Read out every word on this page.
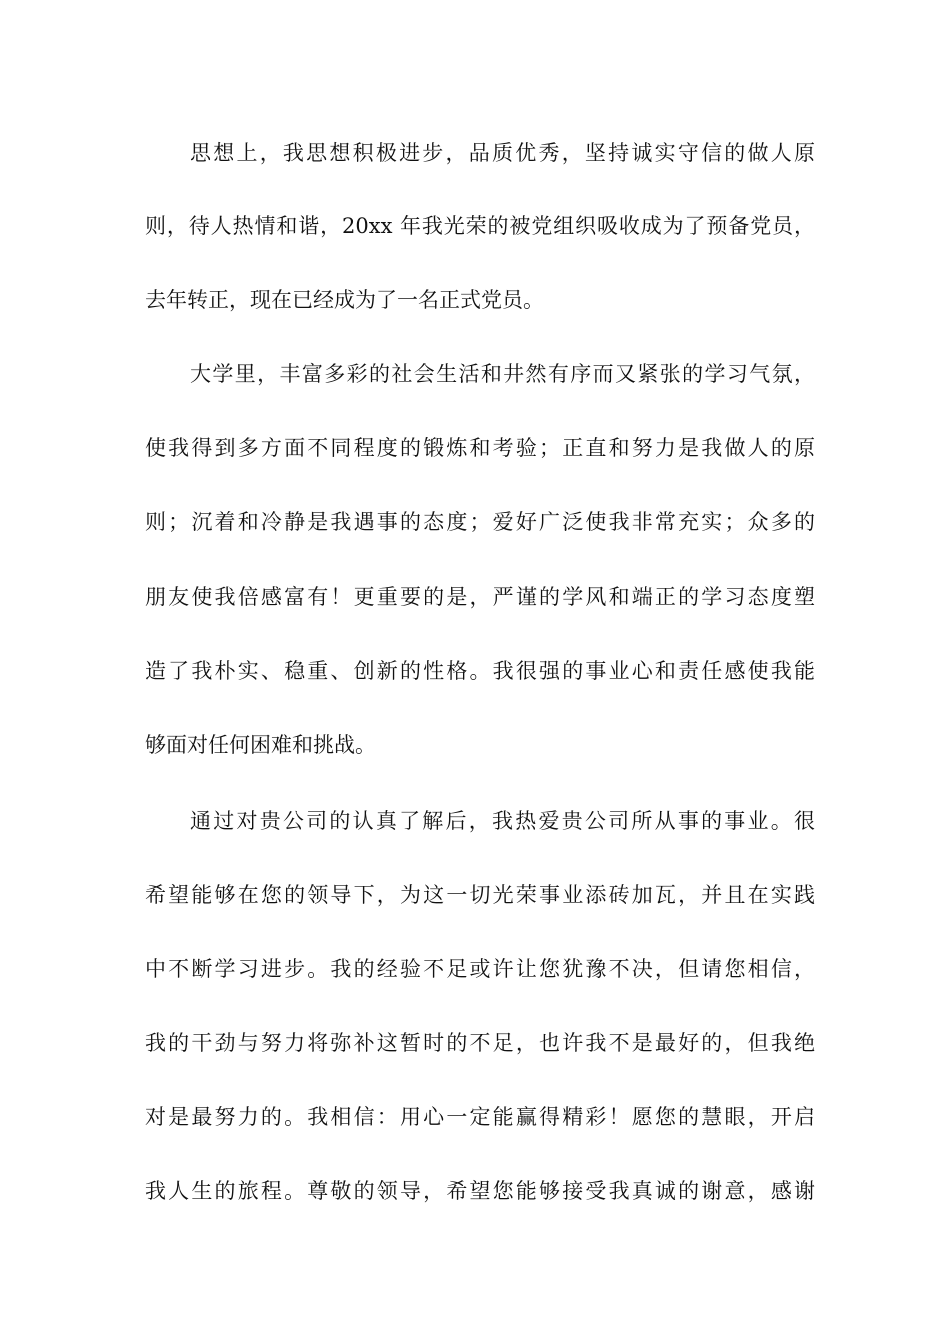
思想上，我思想积极进步，品质优秀，坚持诚实守信的做人原
则，待人热情和谐，20xx 年我光荣的被党组织吸收成为了预备党员，
去年转正，现在已经成为了一名正式党员。
大学里，丰富多彩的社会生活和井然有序而又紧张的学习气氛，
使我得到多方面不同程度的锻炼和考验；正直和努力是我做人的原
则；沉着和冷静是我遇事的态度；爱好广泛使我非常充实；众多的
朋友使我倍感富有！更重要的是，严谨的学风和端正的学习态度塑
造了我朴实、稳重、创新的性格。我很强的事业心和责任感使我能
够面对任何困难和挑战。
通过对贵公司的认真了解后，我热爱贵公司所从事的事业。很
希望能够在您的领导下，为这一切光荣事业添砖加瓦，并且在实践
中不断学习进步。我的经验不足或许让您犹豫不决，但请您相信，
我的干劲与努力将弥补这暂时的不足，也许我不是最好的，但我绝
对是最努力的。我相信：用心一定能赢得精彩！愿您的慧眼，开启
我人生的旅程。尊敬的领导，希望您能够接受我真诚的谢意，感谢
